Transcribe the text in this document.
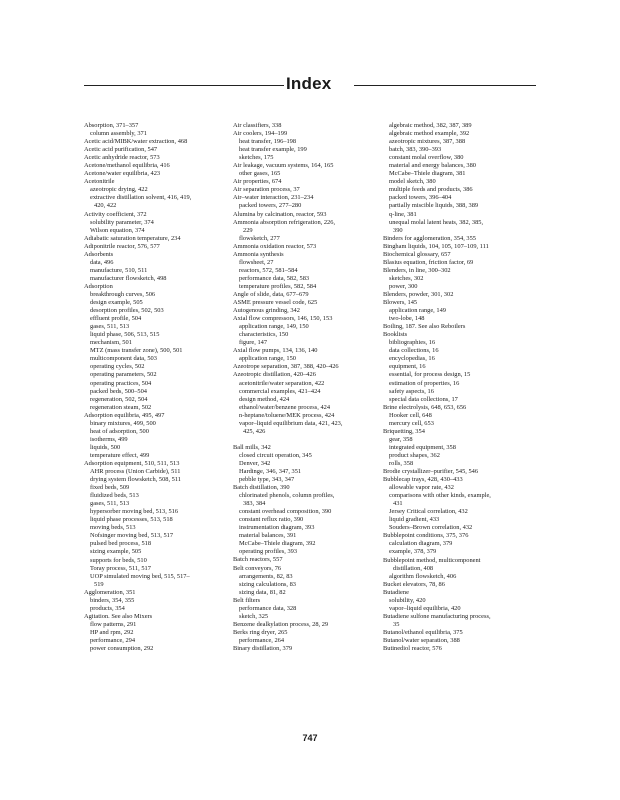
Index
Absorption, 371–357
column assembly, 371
Acetic acid/MIBK/water extraction, 468
Acetic acid purification, 547
Acetic anhydride reactor, 573
Acetone/methanol equilibria, 416
Acetone/water equilibria, 423
Acetonitrile
azeotropic drying, 422
extractive distillation solvent, 416, 419,
420, 422
Activity coefficient, 372
solubility parameter, 374
Wilson equation, 374
Adiabatic saturation temperature, 234
Adiponitrile reactor, 576, 577
Adsorbents
data, 496
manufacture, 510, 511
manufacturer flowsketch, 498
Adsorption
breakthrough curves, 506
design example, 505
desorption profiles, 502, 503
effluent profile, 504
gases, 511, 513
liquid phase, 506, 513, 515
mechanism, 501
MTZ (mass transfer zone), 500, 501
multicomponent data, 503
operating cycles, 502
operating parameters, 502
operating practices, 504
packed beds, 500–504
regeneration, 502, 504
regeneration steam, 502
Adsorption equilibria, 495, 497
binary mixtures, 499, 500
heat of adsorption, 500
isotherms, 499
liquids, 500
temperature effect, 499
Adsorption equipment, 510, 511, 513
AHR process (Union Carbide), 511
drying system flowsketch, 508, 511
fixed beds, 509
fluidized beds, 513
gases, 511, 513
hypersorber moving bed, 513, 516
liquid phase processes, 513, 518
moving beds, 513
Nofsinger moving bed, 513, 517
pulsed bed process, 518
sizing example, 505
supports for beds, 510
Toray process, 511, 517
UOP simulated moving bed, 515, 517–
519
Agglomeration, 351
binders, 354, 355
products, 354
Agitation. See also Mixers
flow patterns, 291
HP and rpm, 292
performance, 294
power consumption, 292
Air classifiers, 338
Air coolers, 194–199
heat transfer, 196–198
heat transfer example, 199
sketches, 175
Air leakage, vacuum systems, 164, 165
other gases, 165
Air properties, 674
Air separation process, 37
Air–water interaction, 231–234
packed towers, 277–280
Alumina by calcination, reactor, 593
Ammonia absorption refrigeration, 226,
229
flowsketch, 277
Ammonia oxidation reactor, 573
Ammonia synthesis
flowsheet, 27
reactors, 572, 581–584
performance data, 582, 583
temperature profiles, 582, 584
Angle of slide, data, 677–679
ASME pressure vessel code, 625
Autogenous grinding, 342
Axial flow compressors, 146, 150, 153
application range, 149, 150
characteristics, 150
figure, 147
Axial flow pumps, 134, 136, 140
application range, 150
Azeotrope separation, 387, 388, 420–426
Azeotropic distillation, 420–426
acetonitrile/water separation, 422
commercial examples, 421–424
design method, 424
ethanol/water/benzene process, 424
n-heptane/toluene/MEK process, 424
vapor–liquid equilibrium data, 421, 423,
425, 426
Ball mills, 342
closed circuit operation, 345
Denver, 342
Hardinge, 346, 347, 351
pebble type, 343, 347
Batch distillation, 390
chlorinated phenols, column profiles,
383, 384
constant overhead composition, 390
constant reflux ratio, 390
instrumentation diagram, 393
material balances, 391
McCabe–Thiele diagram, 392
operating profiles, 393
Batch reactors, 557
Belt conveyors, 76
arrangements, 82, 83
sizing calculations, 83
sizing data, 81, 82
Belt filters
performance data, 328
sketch, 325
Benzene dealkylation process, 28, 29
Berks ring dryer, 265
performance, 264
Binary distillation, 379
algebraic method, 382, 387, 389
algebraic method example, 392
azeotropic mixtures, 387, 388
batch, 383, 390–393
constant molal overflow, 380
material and energy balances, 380
McCabe–Thiele diagram, 381
model sketch, 380
multiple feeds and products, 386
packed towers, 396–404
partially miscible liquids, 388, 389
q-line, 381
unequal molal latent heats, 382, 385,
390
Binders for agglomeration, 354, 355
Bingham liquids, 104, 105, 107–109, 111
Biochemical glossary, 657
Blasius equation, friction factor, 69
Blenders, in line, 300–302
sketches, 302
power, 300
Blenders, powder, 301, 302
Blowers, 145
application range, 149
two-lobe, 148
Boiling, 187. See also Reboilers
Booklists
bibliographies, 16
data collections, 16
encyclopedias, 16
equipment, 16
essential, for process design, 15
estimation of properties, 16
safety aspects, 16
special data collections, 17
Brine electrolysis, 648, 653, 656
Hooker cell, 648
mercury cell, 653
Briquetting, 354
gear, 358
integrated equipment, 358
product shapes, 362
rolls, 358
Brodie crystallizer–purifier, 545, 546
Bubblecap trays, 428, 430–433
allowable vapor rate, 432
comparisons with other kinds, example,
431
Jersey Critical correlation, 432
liquid gradient, 433
Souders–Brown correlation, 432
Bubblepoint conditions, 375, 376
calculation diagram, 379
example, 378, 379
Bubblepoint method, multicomponent
distillation, 408
algorithm flowsketch, 406
Bucket elevators, 78, 86
Butadiene
solubility, 420
vapor–liquid equilibria, 420
Butadiene sulfone manufacturing process,
35
Butanol/ethanol equilibria, 375
Butanol/water separation, 388
Butinediol reactor, 576
747
